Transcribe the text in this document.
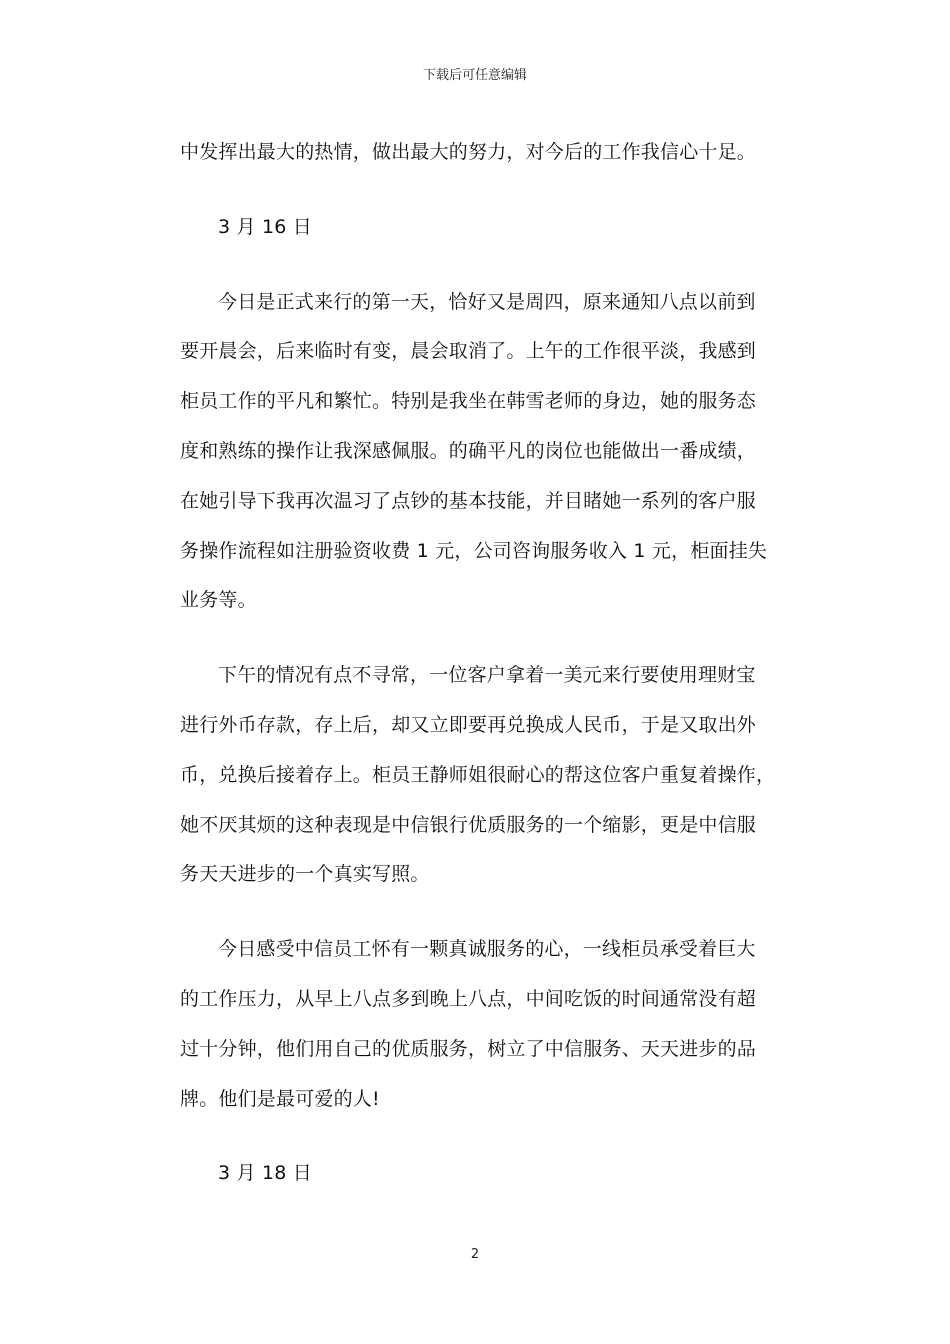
下载后可任意编辑
中发挥出最大的热情，做出最大的努力，对今后的工作我信心十足。
3 月 16 日
今日是正式来行的第一天，恰好又是周四，原来通知八点以前到
要开晨会，后来临时有变，晨会取消了。上午的工作很平淡，我感到
柜员工作的平凡和繁忙。特别是我坐在韩雪老师的身边，她的服务态
度和熟练的操作让我深感佩服。的确平凡的岗位也能做出一番成绩，
在她引导下我再次温习了点钞的基本技能，并目睹她一系列的客户服
务操作流程如注册验资收费 1 元，公司咨询服务收入 1 元，柜面挂失
业务等。
下午的情况有点不寻常，一位客户拿着一美元来行要使用理财宝
进行外币存款，存上后，却又立即要再兑换成人民币，于是又取出外
币，兑换后接着存上。柜员王静师姐很耐心的帮这位客户重复着操作，
她不厌其烦的这种表现是中信银行优质服务的一个缩影，更是中信服
务天天进步的一个真实写照。
今日感受中信员工怀有一颗真诚服务的心，一线柜员承受着巨大
的工作压力，从早上八点多到晚上八点，中间吃饭的时间通常没有超
过十分钟，他们用自己的优质服务，树立了中信服务、天天进步的品
牌。他们是最可爱的人!
3 月 18 日
2
